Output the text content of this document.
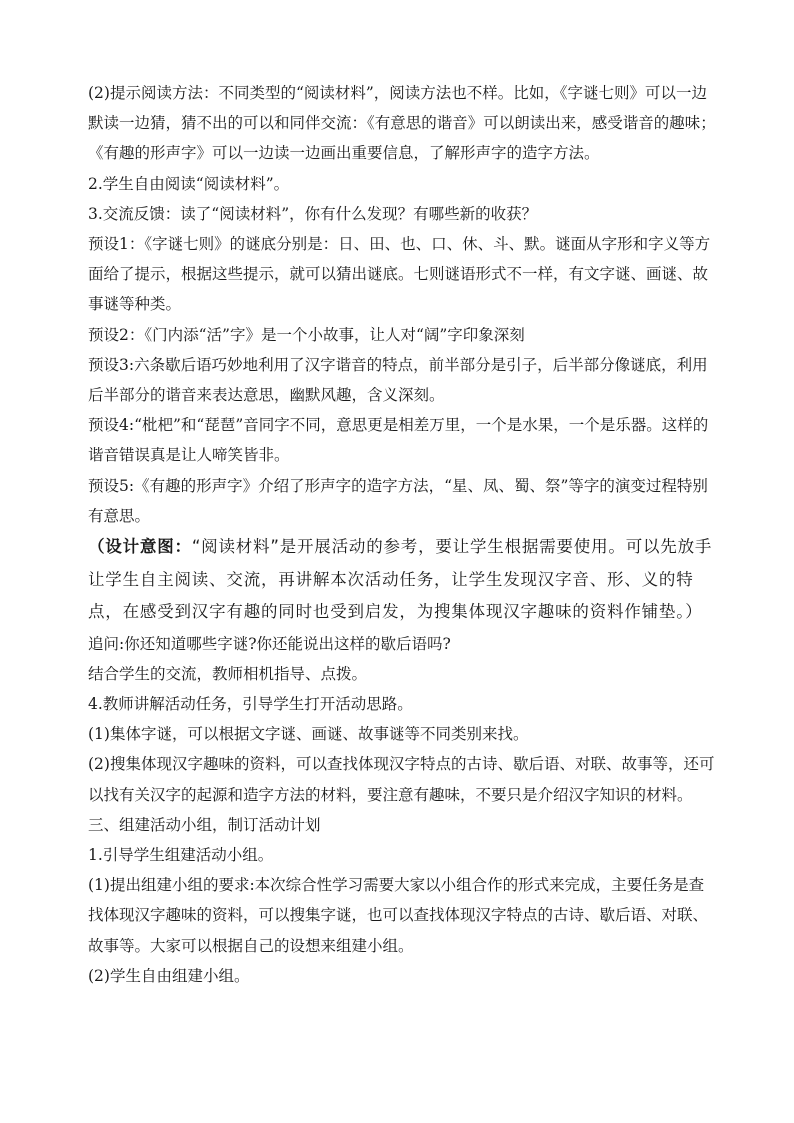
(2)提示阅读方法：不同类型的“阅读材料”，阅读方法也不样。比如，《字谜七则》可以一边默读一边猜，猜不出的可以和同伴交流：《有意思的谐音》可以朗读出来，感受谐音的趣味；《有趣的形声字》可以一边读一边画出重要信息，了解形声字的造字方法。

2.学生自由阅读“阅读材料”。

3.交流反馈：读了“阅读材料”，你有什么发现？有哪些新的收获？

预设1：《字谜七则》的谜底分别是：日、田、也、口、休、斗、默。谜面从字形和字义等方面给了提示，根据这些提示，就可以猜出谜底。七则谜语形式不一样，有文字谜、画谜、故事谜等种类。

预设2：《门内添“活”字》是一个小故事，让人对“阔”字印象深刻

预设3:六条歇后语巧妙地利用了汉字谐音的特点，前半部分是引子，后半部分像谜底，利用后半部分的谐音来表达意思，幽默风趣，含义深刻。

预设4:“枇杷”和“琵琶”音同字不同，意思更是相差万里，一个是水果，一个是乐器。这样的谐音错误真是让人啼笑皆非。

预设5:《有趣的形声字》介绍了形声字的造字方法，“星、凤、蜀、祭”等字的演变过程特别有意思。

（设计意图：“阅读材料”是开展活动的参考，要让学生根据需要使用。可以先放手让学生自主阅读、交流，再讲解本次活动任务，让学生发现汉字音、形、义的特点，在感受到汉字有趣的同时也受到启发，为搜集体现汉字趣味的资料作铺垫。）

追问:你还知道哪些字谜?你还能说出这样的歇后语吗?

结合学生的交流，教师相机指导、点拨。

4.教师讲解活动任务，引导学生打开活动思路。

(1)集体字谜，可以根据文字谜、画谜、故事谜等不同类别来找。

(2)搜集体现汉字趣味的资料，可以查找体现汉字特点的古诗、歇后语、对联、故事等，还可以找有关汉字的起源和造字方法的材料，要注意有趣味，不要只是介绍汉字知识的材料。

三、组建活动小组，制订活动计划

1.引导学生组建活动小组。

(1)提出组建小组的要求:本次综合性学习需要大家以小组合作的形式来完成，主要任务是查找体现汉字趣味的资料，可以搜集字谜，也可以查找体现汉字特点的古诗、歇后语、对联、故事等。大家可以根据自己的设想来组建小组。

(2)学生自由组建小组。
